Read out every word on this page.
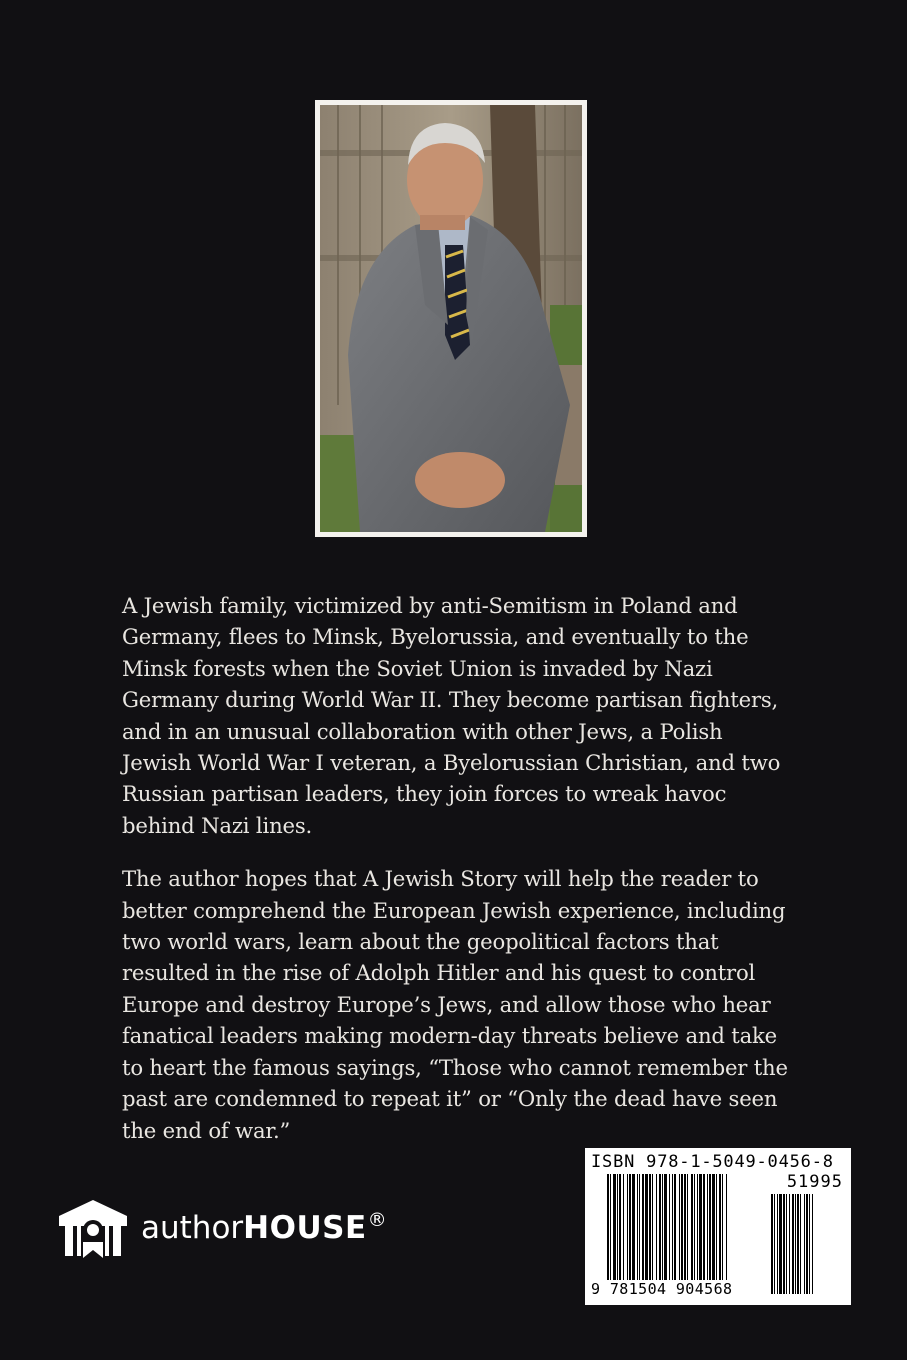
A Jewish family, victimized by anti-Semitism in Poland and Germany, flees to Minsk, Byelorussia, and eventually to the Minsk forests when the Soviet Union is invaded by Nazi Germany during World War II. They become partisan fighters, and in an unusual collaboration with other Jews, a Polish Jewish World War I veteran, a Byelorussian Christian, and two Russian partisan leaders, they join forces to wreak havoc behind Nazi lines.

The author hopes that A Jewish Story will help the reader to better comprehend the European Jewish experience, including two world wars, learn about the geopolitical factors that resulted in the rise of Adolph Hitler and his quest to control Europe and destroy Europe’s Jews, and allow those who hear fanatical leaders making modern-day threats believe and take to heart the famous sayings, “Those who cannot remember the past are condemned to repeat it” or “Only the dead have seen the end of war.”

authorHOUSE®
ISBN 978-1-5049-0456-8
51995
9 781504 904568
